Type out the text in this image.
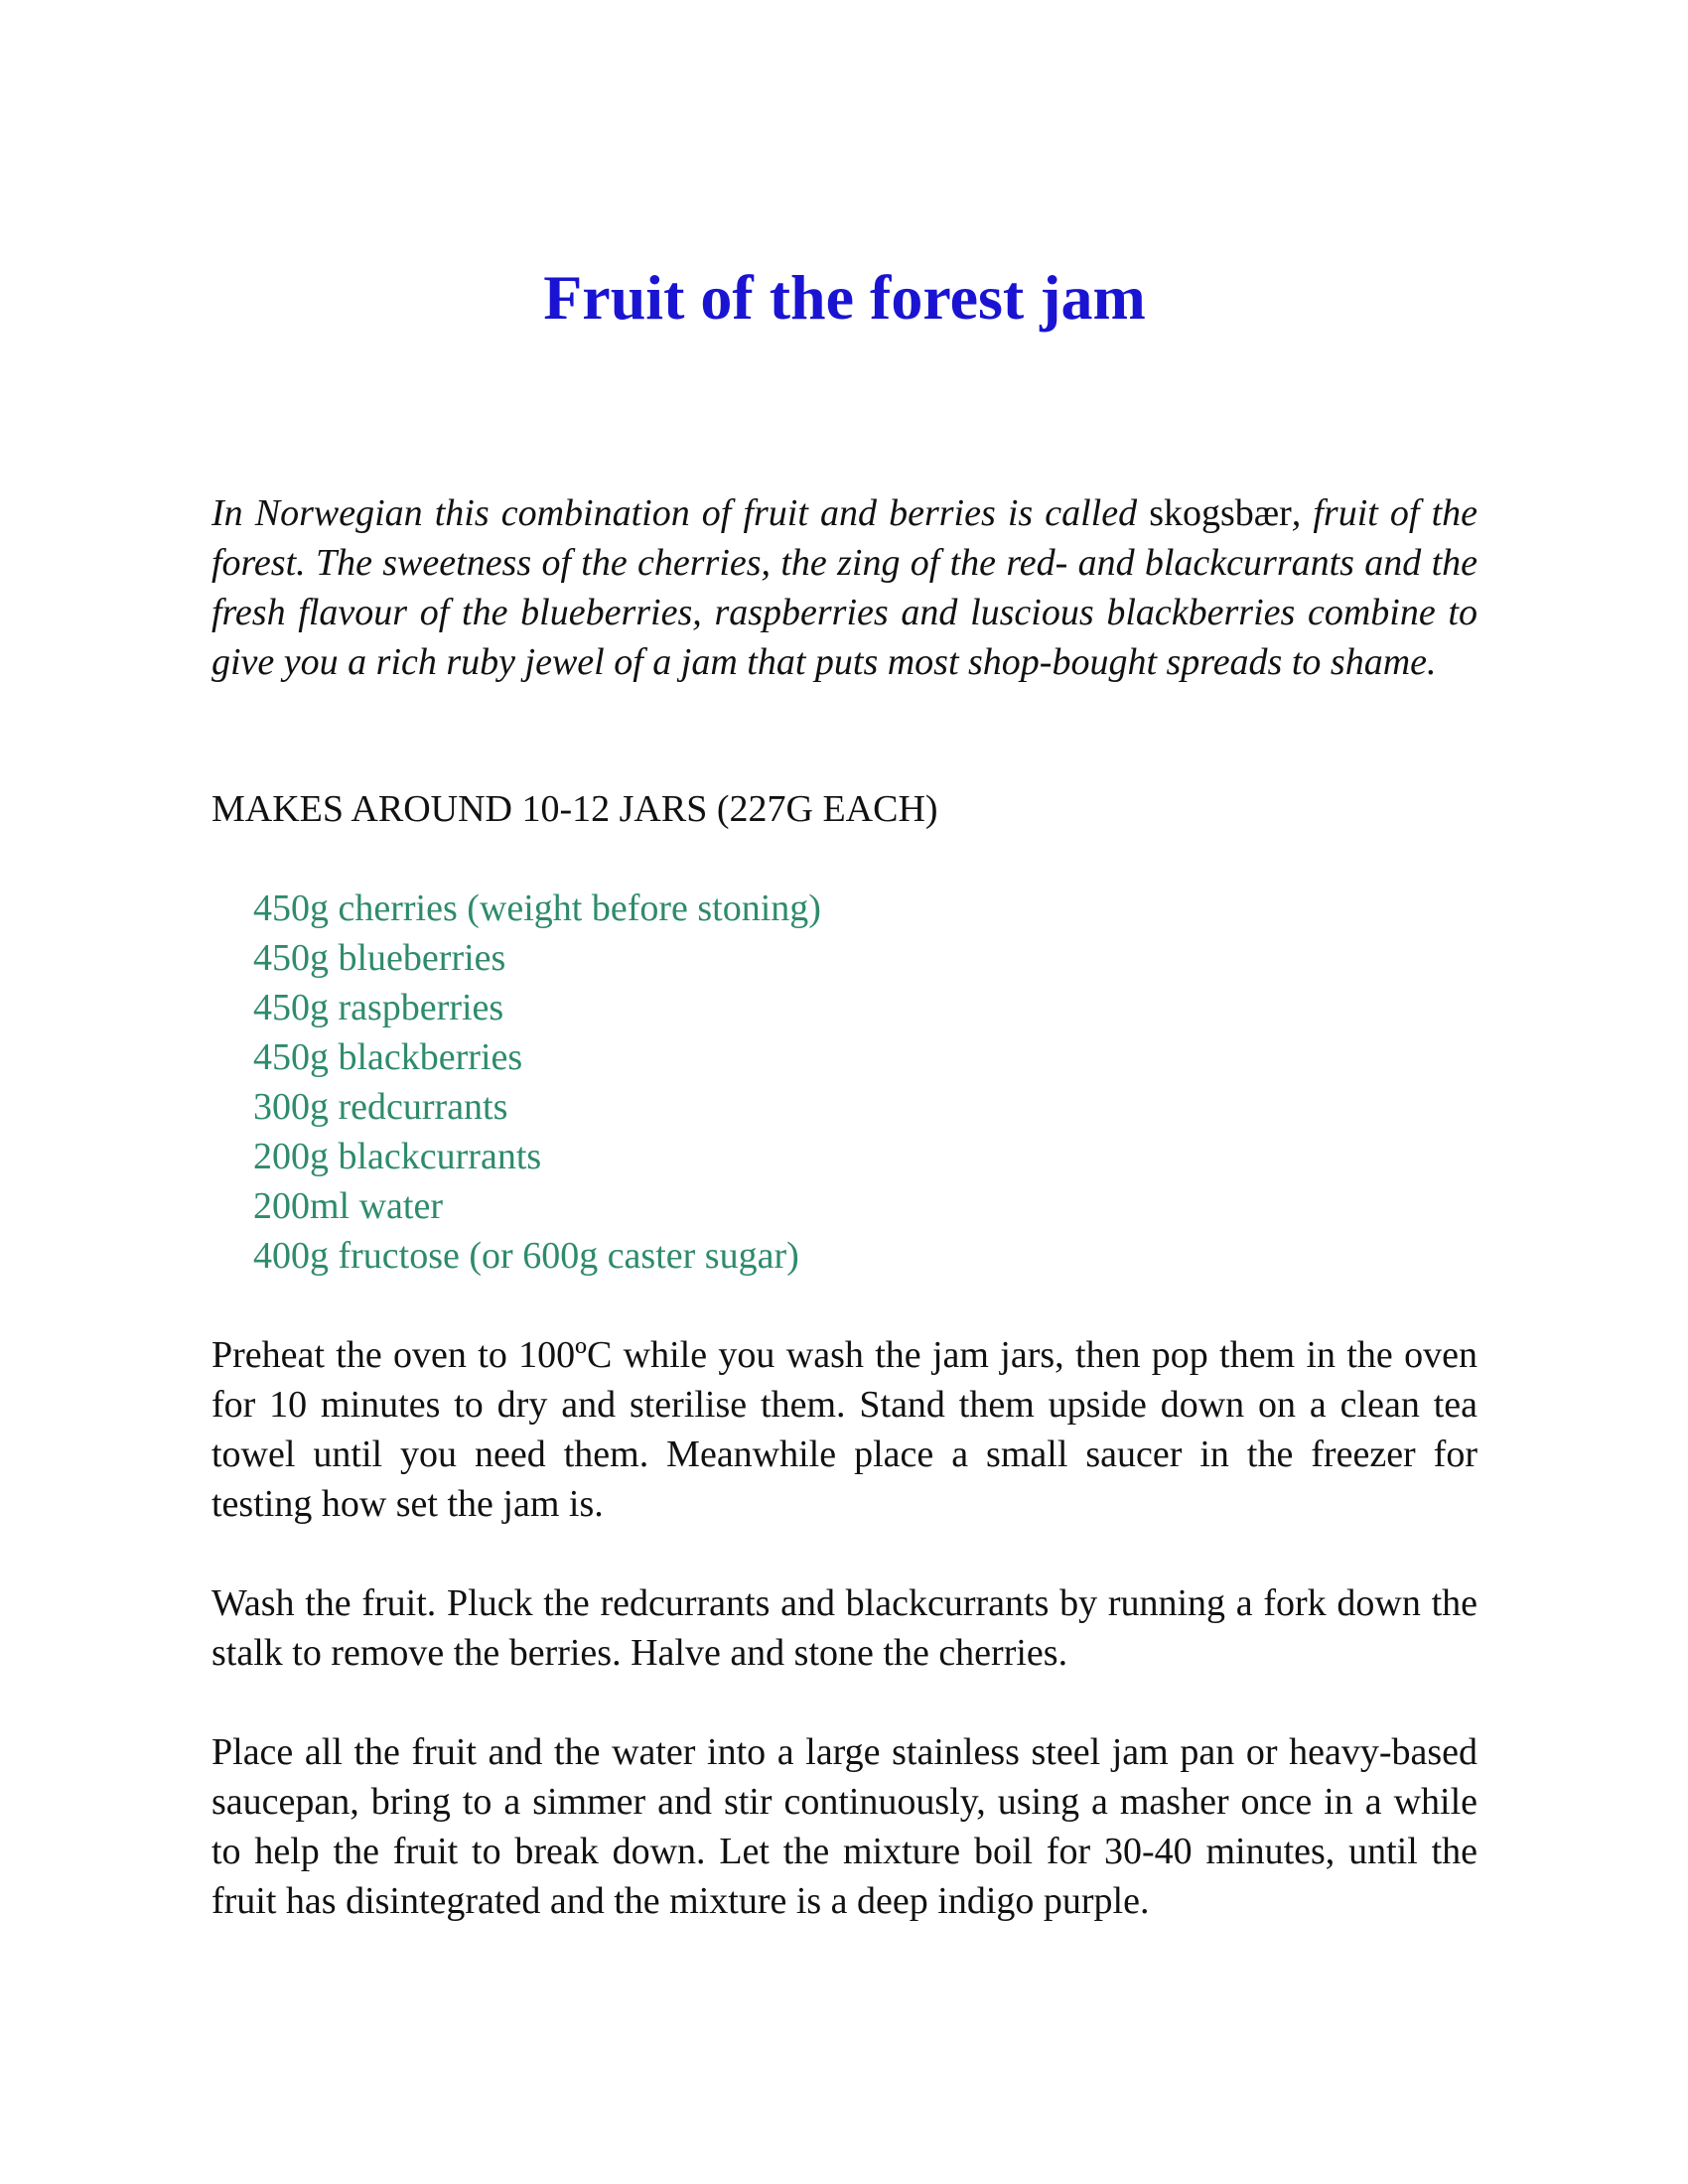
Fruit of the forest jam

In Norwegian this combination of fruit and berries is called skogsbær, fruit of the forest. The sweetness of the cherries, the zing of the red- and blackcurrants and the fresh flavour of the blueberries, raspberries and luscious blackberries combine to give you a rich ruby jewel of a jam that puts most shop-bought spreads to shame.

MAKES AROUND 10-12 JARS (227G EACH)

450g cherries (weight before stoning)
450g blueberries
450g raspberries
450g blackberries
300g redcurrants
200g blackcurrants
200ml water
400g fructose (or 600g caster sugar)

Preheat the oven to 100ºC while you wash the jam jars, then pop them in the oven for 10 minutes to dry and sterilise them. Stand them upside down on a clean tea towel until you need them. Meanwhile place a small saucer in the freezer for testing how set the jam is.

Wash the fruit. Pluck the redcurrants and blackcurrants by running a fork down the stalk to remove the berries. Halve and stone the cherries.

Place all the fruit and the water into a large stainless steel jam pan or heavy-based saucepan, bring to a simmer and stir continuously, using a masher once in a while to help the fruit to break down. Let the mixture boil for 30-40 minutes, until the fruit has disintegrated and the mixture is a deep indigo purple.
